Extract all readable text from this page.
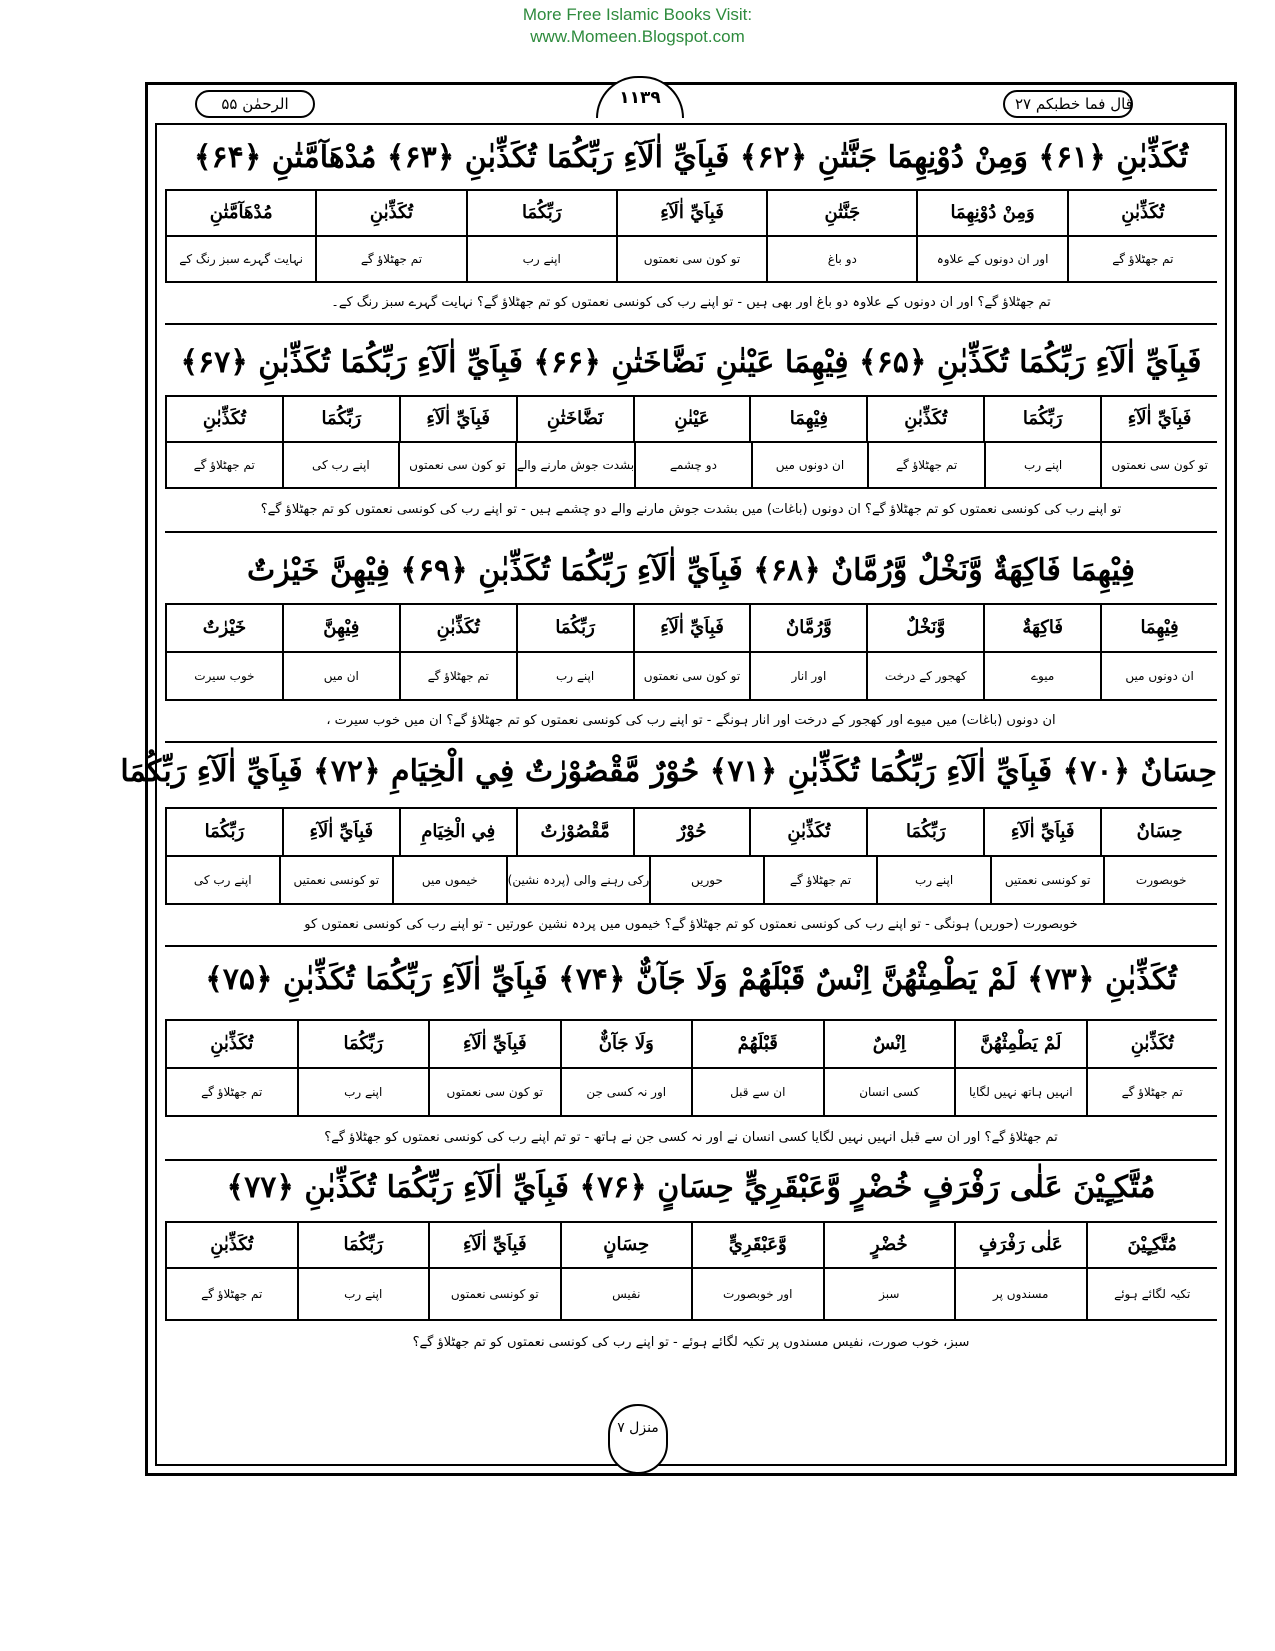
More Free Islamic Books Visit:
www.Momeen.Blogspot.com
الرحمٰن ۵۵	۱۱۳۹	قال فما خطبکم ۲۷
تُكَذِّبٰنِ ﴿۶۱﴾ وَمِنْ دُوْنِهِمَا جَنَّتٰنِ ﴿۶۲﴾ فَبِاَيِّ اٰلَآءِ رَبِّكُمَا تُكَذِّبٰنِ ﴿۶۳﴾ مُدْهَآمَّتٰنِ ﴿۶۴﴾
تُكَذِّبٰنِ
وَمِنْ دُوْنِهِمَا
جَنَّتٰنِ
فَبِاَيِّ اٰلَآءِ
رَبِّكُمَا
تُكَذِّبٰنِ
مُدْهَآمَّتٰنِ
تم جھٹلاؤ گے
اور ان دونوں کے علاوہ
دو باغ
تو کون سی نعمتوں
اپنے رب
تم جھٹلاؤ گے
نہایت گہرے سبز رنگ کے
تم جھٹلاؤ گے؟ اور ان دونوں کے علاوہ دو باغ اور بھی ہیں - تو اپنے رب کی کونسی نعمتوں کو تم جھٹلاؤ گے؟ نہایت گہرے سبز رنگ کے۔
فَبِاَيِّ اٰلَآءِ رَبِّكُمَا تُكَذِّبٰنِ ﴿۶۵﴾ فِيْهِمَا عَيْنٰنِ نَضَّاخَتٰنِ ﴿۶۶﴾ فَبِاَيِّ اٰلَآءِ رَبِّكُمَا تُكَذِّبٰنِ ﴿۶۷﴾
فَبِاَيِّ اٰلَآءِ
رَبِّكُمَا
تُكَذِّبٰنِ
فِيْهِمَا
عَيْنٰنِ
نَضَّاخَتٰنِ
فَبِاَيِّ اٰلَآءِ
رَبِّكُمَا
تُكَذِّبٰنِ
تو کون سی نعمتوں
اپنے رب
تم جھٹلاؤ گے
ان دونوں میں
دو چشمے
بشدت جوش مارنے والے
تو کون سی نعمتوں
اپنے رب کی
تم جھٹلاؤ گے
تو اپنے رب کی کونسی نعمتوں کو تم جھٹلاؤ گے؟ ان دونوں (باغات) میں بشدت جوش مارنے والے دو چشمے ہیں - تو اپنے رب کی کونسی نعمتوں کو تم جھٹلاؤ گے؟
فِيْهِمَا فَاكِهَةٌ وَّنَخْلٌ وَّرُمَّانٌ ﴿۶۸﴾ فَبِاَيِّ اٰلَآءِ رَبِّكُمَا تُكَذِّبٰنِ ﴿۶۹﴾ فِيْهِنَّ خَيْرٰتٌ
فِيْهِمَا
فَاكِهَةٌ
وَّنَخْلٌ
وَّرُمَّانٌ
فَبِاَيِّ اٰلَآءِ
رَبِّكُمَا
تُكَذِّبٰنِ
فِيْهِنَّ
خَيْرٰتٌ
ان دونوں میں
میوے
کھجور کے درخت
اور انار
تو کون سی نعمتوں
اپنے رب
تم جھٹلاؤ گے
ان میں
خوب سیرت
ان دونوں (باغات) میں میوے اور کھجور کے درخت اور انار ہونگے - تو اپنے رب کی کونسی نعمتوں کو تم جھٹلاؤ گے؟ ان میں خوب سیرت ،
حِسَانٌ ﴿۷۰﴾ فَبِاَيِّ اٰلَآءِ رَبِّكُمَا تُكَذِّبٰنِ ﴿۷۱﴾ حُوْرٌ مَّقْصُوْرٰتٌ فِي الْخِيَامِ ﴿۷۲﴾ فَبِاَيِّ اٰلَآءِ رَبِّكُمَا
حِسَانٌ
فَبِاَيِّ اٰلَآءِ
رَبِّكُمَا
تُكَذِّبٰنِ
حُوْرٌ
مَّقْصُوْرٰتٌ
فِي الْخِيَامِ
فَبِاَيِّ اٰلَآءِ
رَبِّكُمَا
خوبصورت
تو کونسی نعمتیں
اپنے رب
تم جھٹلاؤ گے
حوریں
رکی رہنے والی (پردہ نشین)
خیموں میں
تو کونسی نعمتیں
اپنے رب کی
خوبصورت (حوریں) ہونگی - تو اپنے رب کی کونسی نعمتوں کو تم جھٹلاؤ گے؟ خیموں میں پردہ نشین عورتیں - تو اپنے رب کی کونسی نعمتوں کو
تُكَذِّبٰنِ ﴿۷۳﴾ لَمْ يَطْمِثْهُنَّ اِنْسٌ قَبْلَهُمْ وَلَا جَآنٌّ ﴿۷۴﴾ فَبِاَيِّ اٰلَآءِ رَبِّكُمَا تُكَذِّبٰنِ ﴿۷۵﴾
تُكَذِّبٰنِ
لَمْ يَطْمِثْهُنَّ
اِنْسٌ
قَبْلَهُمْ
وَلَا جَآنٌّ
فَبِاَيِّ اٰلَآءِ
رَبِّكُمَا
تُكَذِّبٰنِ
تم جھٹلاؤ گے
انہیں ہاتھ نہیں لگایا
کسی انسان
ان سے قبل
اور نہ کسی جن
تو کون سی نعمتوں
اپنے رب
تم جھٹلاؤ گے
تم جھٹلاؤ گے؟ اور ان سے قبل انہیں نہیں لگایا کسی انسان نے اور نہ کسی جن نے ہاتھ - تو تم اپنے رب کی کونسی نعمتوں کو جھٹلاؤ گے؟
مُتَّكِـِٕيْنَ عَلٰى رَفْرَفٍ خُضْرٍ وَّعَبْقَرِيٍّ حِسَانٍ ﴿۷۶﴾ فَبِاَيِّ اٰلَآءِ رَبِّكُمَا تُكَذِّبٰنِ ﴿۷۷﴾
مُتَّكِـِٕيْنَ
عَلٰى رَفْرَفٍ
خُضْرٍ
وَّعَبْقَرِيٍّ
حِسَانٍ
فَبِاَيِّ اٰلَآءِ
رَبِّكُمَا
تُكَذِّبٰنِ
تکیہ لگائے ہوئے
مسندوں پر
سبز
اور خوبصورت
نفیس
تو کونسی نعمتوں
اپنے رب
تم جھٹلاؤ گے
سبز، خوب صورت، نفیس مسندوں پر تکیہ لگائے ہوئے - تو اپنے رب کی کونسی نعمتوں کو تم جھٹلاؤ گے؟
منزل ۷
